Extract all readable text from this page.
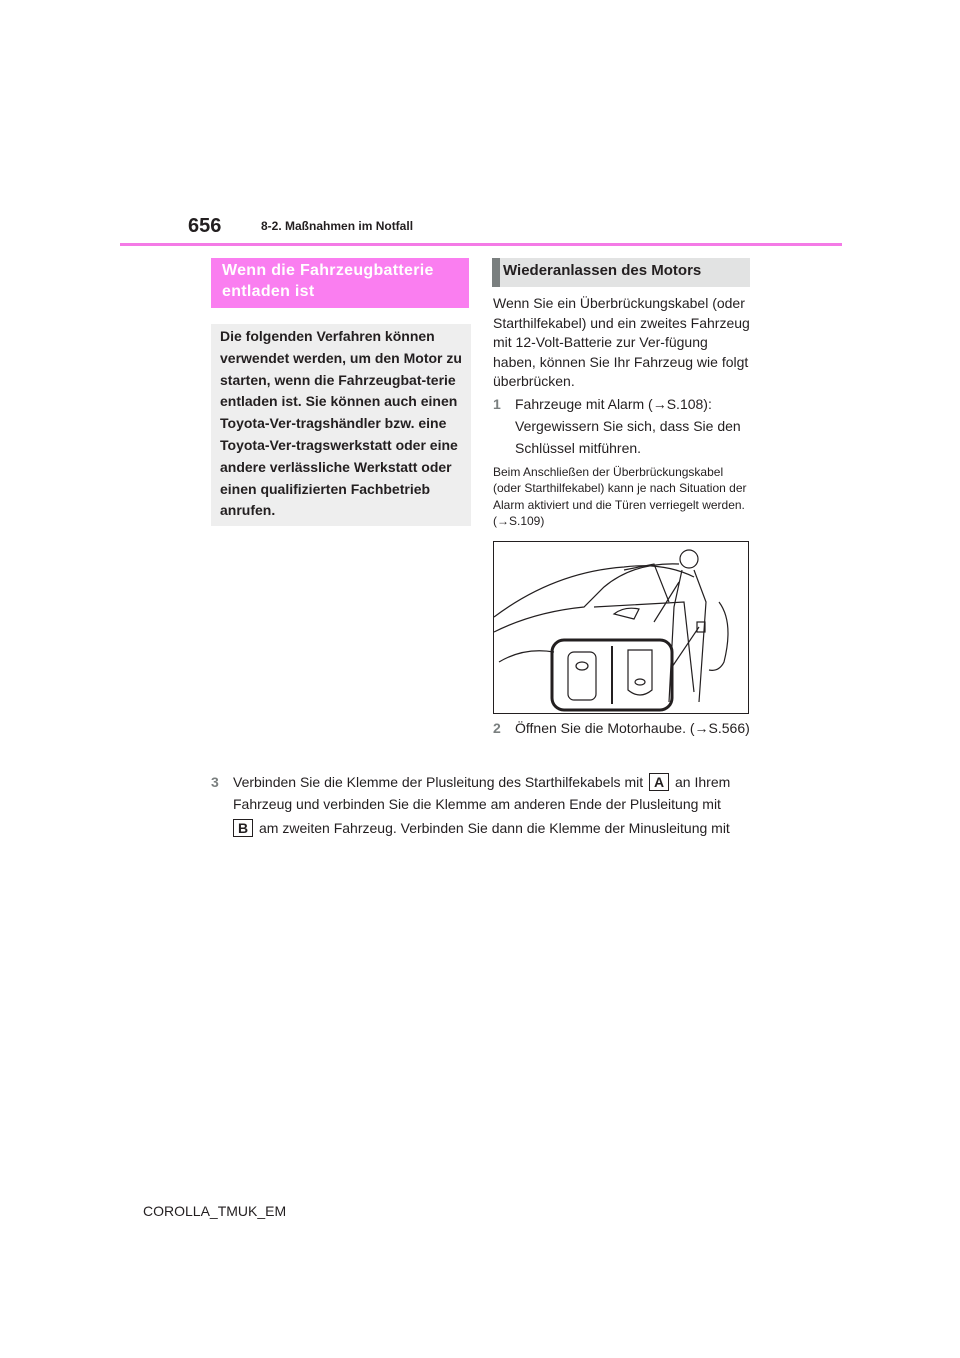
656	8-2. Maßnahmen im Notfall
Wenn die Fahrzeugbatterie entladen ist
Die folgenden Verfahren können verwendet werden, um den Motor zu starten, wenn die Fahrzeugbat-terie entladen ist. Sie können auch einen Toyota-Ver-tragshändler bzw. eine Toyota-Ver-tragswerkstatt oder eine andere verlässliche Werkstatt oder einen qualifizierten Fachbetrieb anrufen.
Wiederanlassen des Motors
Wenn Sie ein Überbrückungskabel (oder Starthilfekabel) und ein zweites Fahrzeug mit 12-Volt-Batterie zur Ver-fügung haben, können Sie Ihr Fahrzeug wie folgt überbrücken.
1 Fahrzeuge mit Alarm (→S.108): Vergewissern Sie sich, dass Sie den Schlüssel mitführen.
Beim Anschließen der Überbrückungskabel (oder Starthilfekabel) kann je nach Situation der Alarm aktiviert und die Türen verriegelt werden. (→S.109)
2 Öffnen Sie die Motorhaube. (→S.566)
3 Verbinden Sie die Klemme der Plusleitung des Starthilfekabels mit A an Ihrem Fahrzeug und verbinden Sie die Klemme am anderen Ende der Plusleitung mit
B am zweiten Fahrzeug. Verbinden Sie dann die Klemme der Minusleitung mit
COROLLA_TMUK_EM
